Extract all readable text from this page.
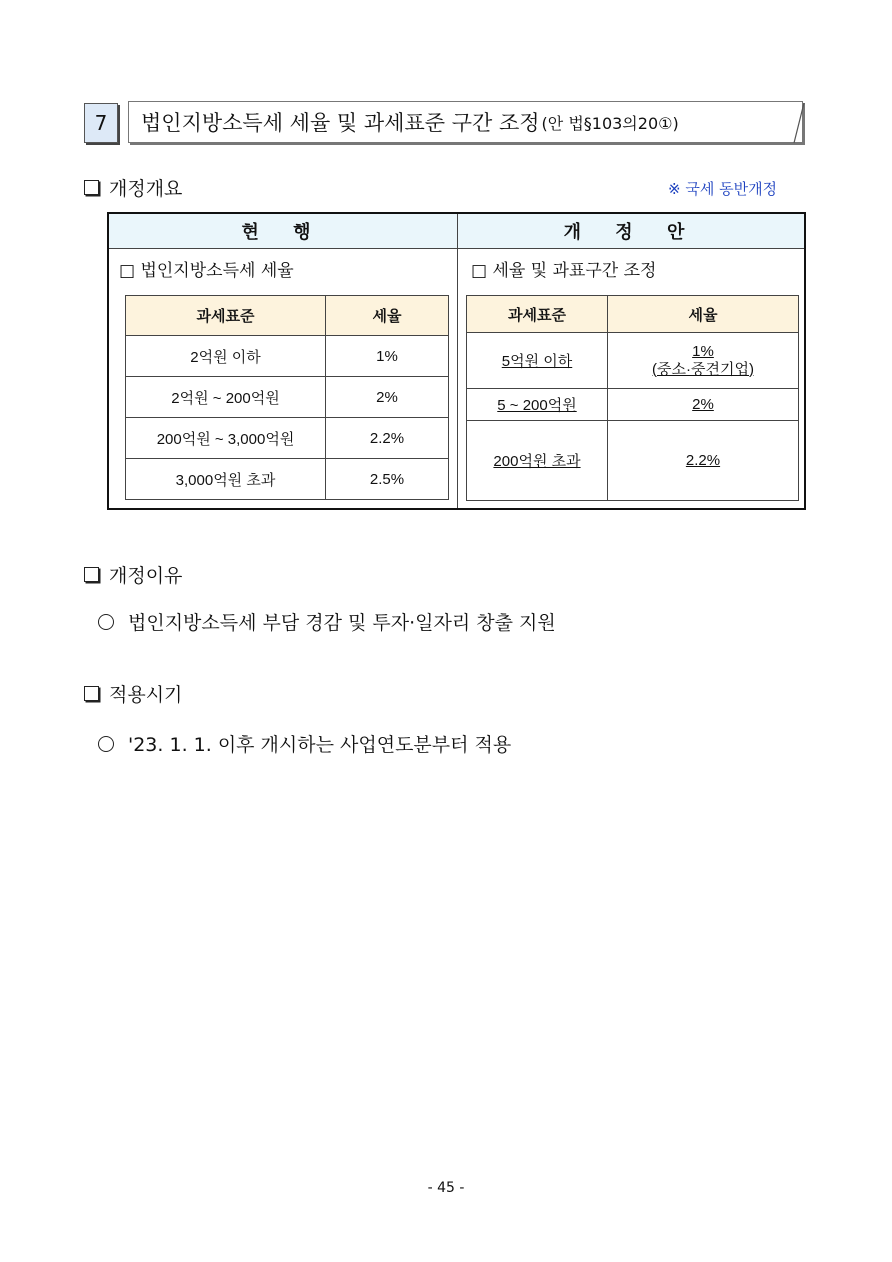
7	법인지방소득세 세율 및 과세표준 구간 조정 (안 법§103의20①)
개정개요	※ 국세 동반개정
현 행	개 정 안
□ 법인지방소득세 세율	□ 세율 및 과표구간 조정
과세표준	세율
2억원 이하	1%
2억원 ~ 200억원	2%
200억원 ~ 3,000억원	2.2%
3,000억원 초과	2.5%
과세표준	세율
5억원 이하	1%
(중소·중견기업)

5 ~ 200억원	2%
200억원 초과	2.2%
개정이유
법인지방소득세 부담 경감 및 투자·일자리 창출 지원
적용시기
'23. 1. 1. 이후 개시하는 사업연도분부터 적용
- 45 -
